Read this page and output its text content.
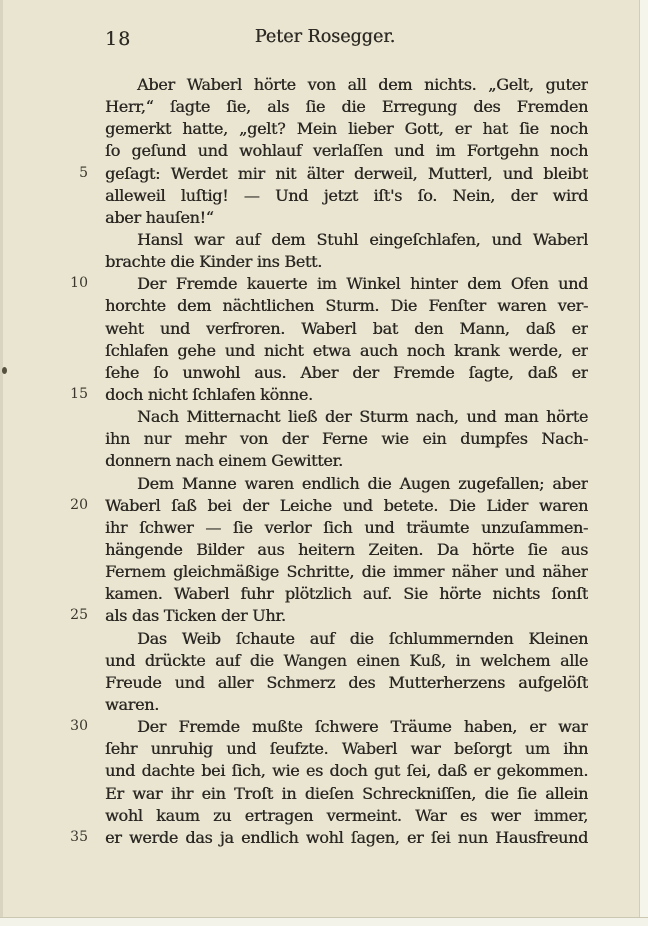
18	Peter Rosegger.
Aber Waberl hörte von all dem nichts. „Gelt, guter
Herr,“ ſagte ſie, als ſie die Erregung des Fremden
gemerkt hatte, „gelt? Mein lieber Gott, er hat ſie noch
ſo geſund und wohlauf verlaſſen und im Fortgehn noch
5	geſagt: Werdet mir nit älter derweil, Mutterl, und bleibt
alleweil luſtig! — Und jetzt iſt's ſo. Nein, der wird
aber hauſen!“
Hansl war auf dem Stuhl eingeſchlafen, und Waberl
brachte die Kinder ins Bett.
10	Der Fremde kauerte im Winkel hinter dem Ofen und
horchte dem nächtlichen Sturm. Die Fenſter waren ver-
weht und verfroren. Waberl bat den Mann, daß er
ſchlafen gehe und nicht etwa auch noch krank werde, er
ſehe ſo unwohl aus. Aber der Fremde ſagte, daß er
15	doch nicht ſchlafen könne.
Nach Mitternacht ließ der Sturm nach, und man hörte
ihn nur mehr von der Ferne wie ein dumpfes Nach-
donnern nach einem Gewitter.
Dem Manne waren endlich die Augen zugefallen; aber
20	Waberl ſaß bei der Leiche und betete. Die Lider waren
ihr ſchwer — ſie verlor ſich und träumte unzuſammen-
hängende Bilder aus heitern Zeiten. Da hörte ſie aus
Fernem gleichmäßige Schritte, die immer näher und näher
kamen. Waberl fuhr plötzlich auf. Sie hörte nichts ſonſt
25	als das Ticken der Uhr.
Das Weib ſchaute auf die ſchlummernden Kleinen
und drückte auf die Wangen einen Kuß, in welchem alle
Freude und aller Schmerz des Mutterherzens aufgelöſt
waren.
30	Der Fremde mußte ſchwere Träume haben, er war
ſehr unruhig und ſeufzte. Waberl war beſorgt um ihn
und dachte bei ſich, wie es doch gut ſei, daß er gekommen.
Er war ihr ein Troſt in dieſen Schreckniſſen, die ſie allein
wohl kaum zu ertragen vermeint. War es wer immer,
35	er werde das ja endlich wohl ſagen, er ſei nun Hausfreund
